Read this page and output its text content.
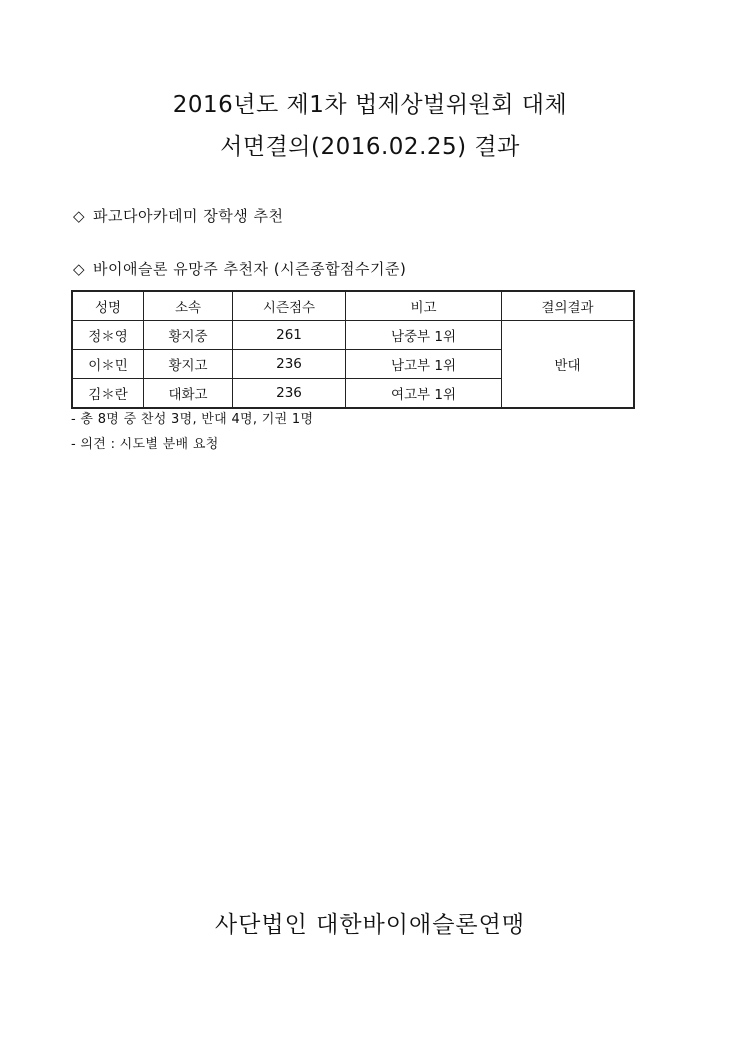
2016년도 제1차 법제상벌위원회 대체
서면결의(2016.02.25) 결과
◇ 파고다아카데미 장학생 추천
◇ 바이애슬론 유망주 추천자 (시즌종합점수기준)
성명	소속	시즌점수	비고	결의결과
정＊영	황지중	261	남중부 1위	반대
이＊민	황지고	236	남고부 1위	
김＊란	대화고	236	여고부 1위	
- 총 8명 중 찬성 3명, 반대 4명, 기권 1명
- 의견 : 시도별 분배 요청
사단법인 대한바이애슬론연맹
